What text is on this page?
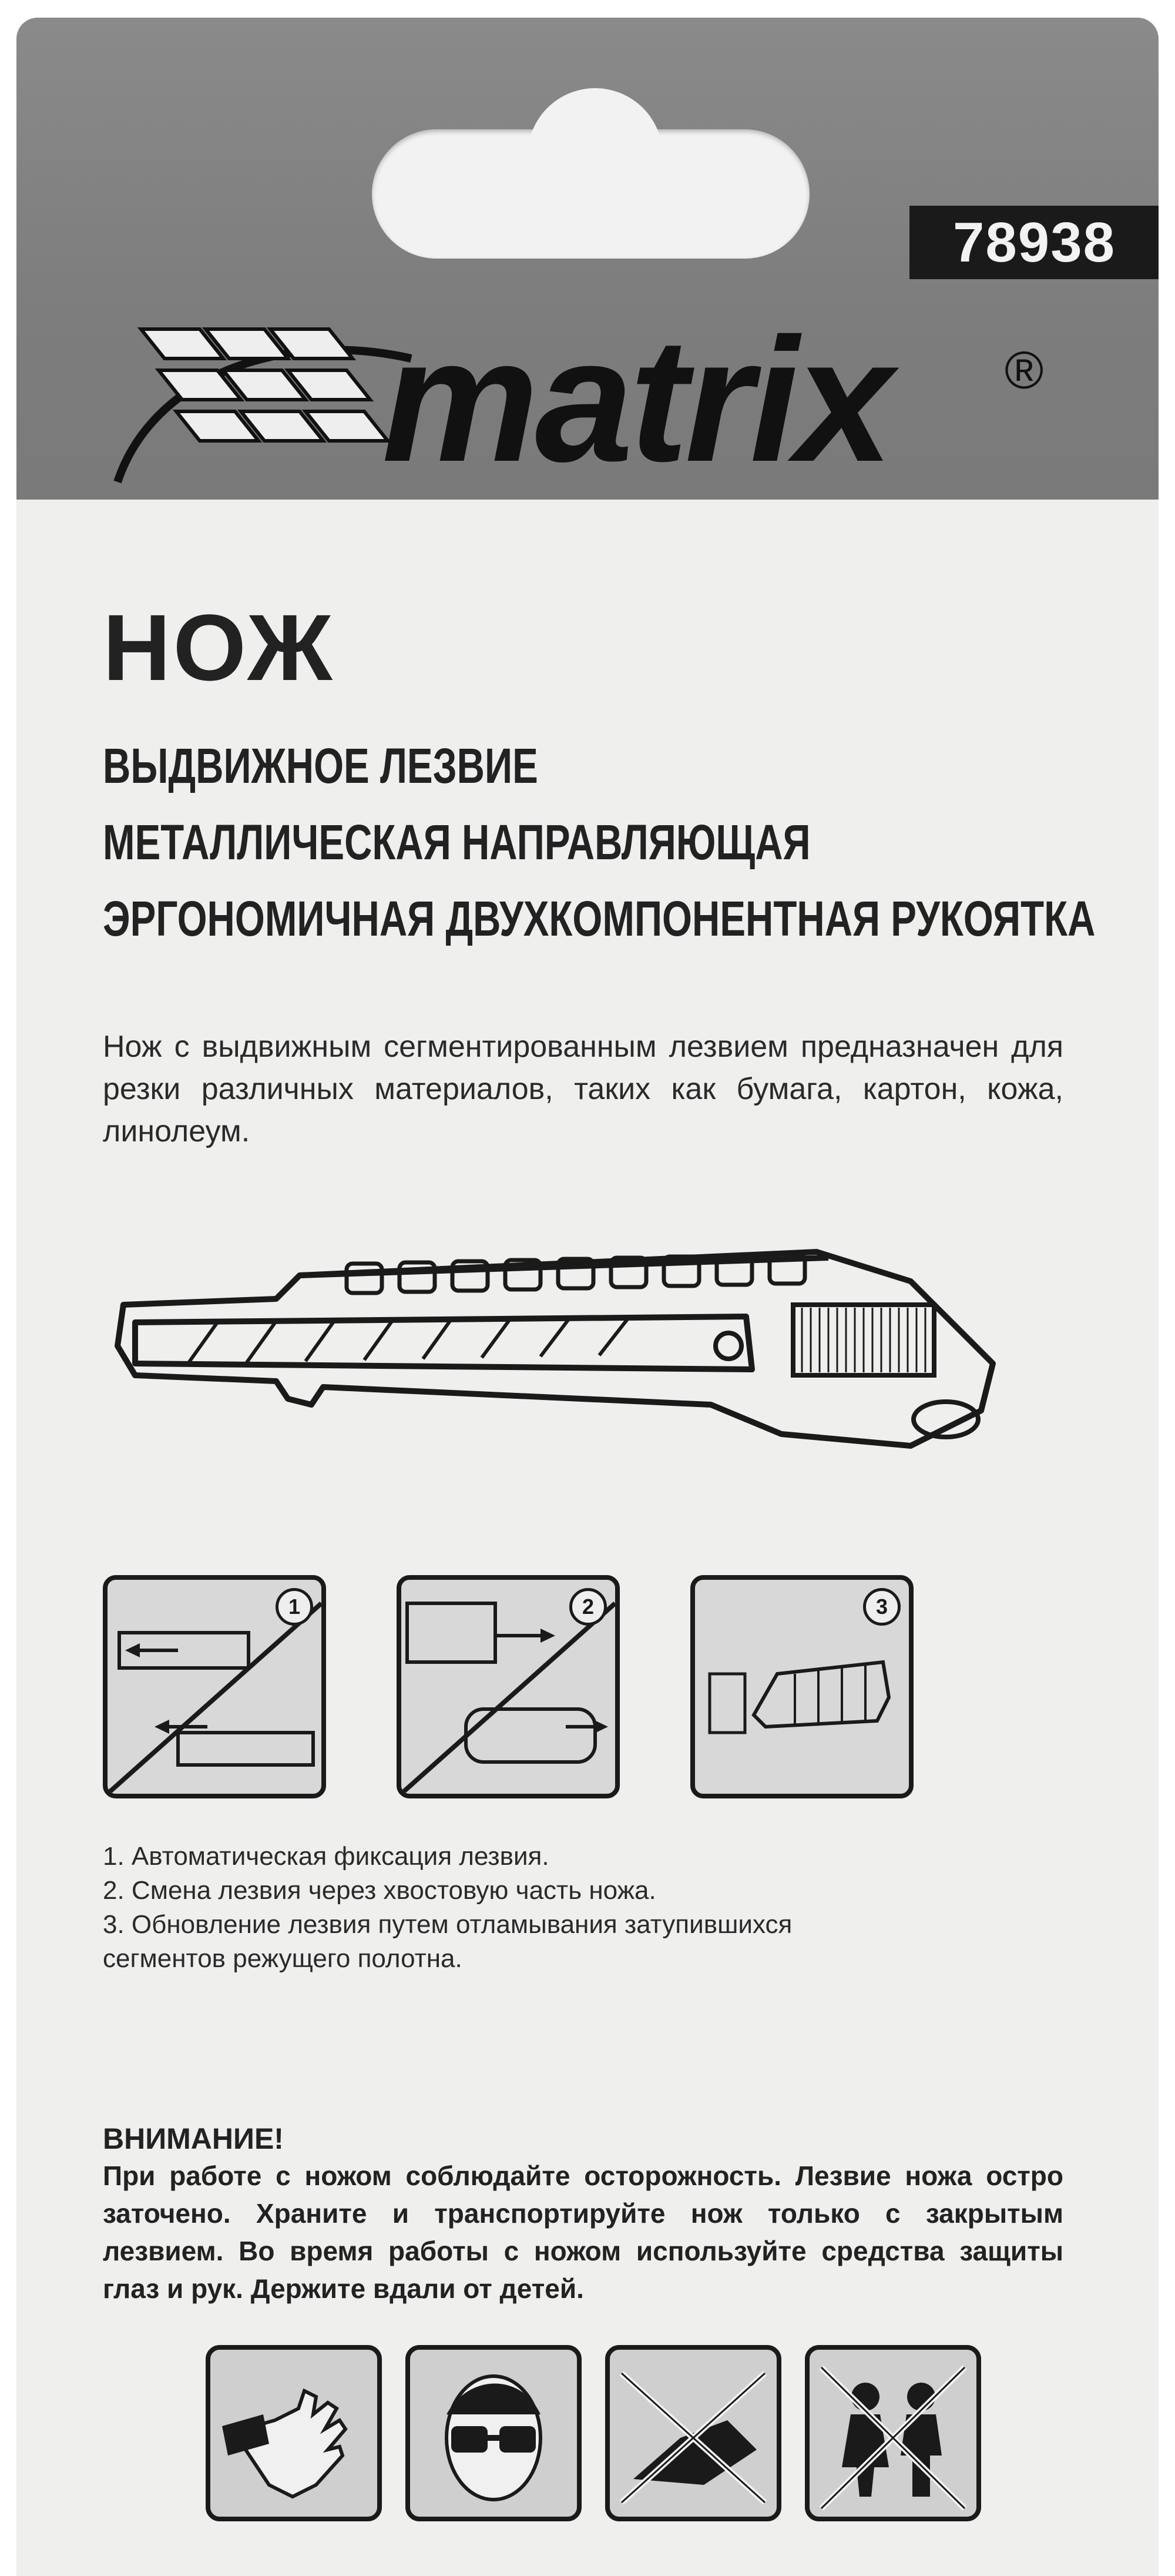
78938
matrix ®
НОЖ
ВЫДВИЖНОЕ ЛЕЗВИЕ
МЕТАЛЛИЧЕСКАЯ НАПРАВЛЯЮЩАЯ
ЭРГОНОМИЧНАЯ ДВУХКОМПОНЕНТНАЯ РУКОЯТКА
Нож с выдвижным сегментированным лезвием предназначен для резки различных материалов, таких как бумага, картон, кожа, линолеум.
1	2	3
1. Автоматическая фиксация лезвия.
2. Смена лезвия через хвостовую часть ножа.
3. Обновление лезвия путем отламывания затупившихся
сегментов режущего полотна.
ВНИМАНИЕ!
При работе с ножом соблюдайте осторожность. Лезвие ножа остро заточено. Храните и транспортируйте нож только с закрытым лезвием. Во время работы с ножом используйте средства защиты глаз и рук. Держите вдали от детей.
